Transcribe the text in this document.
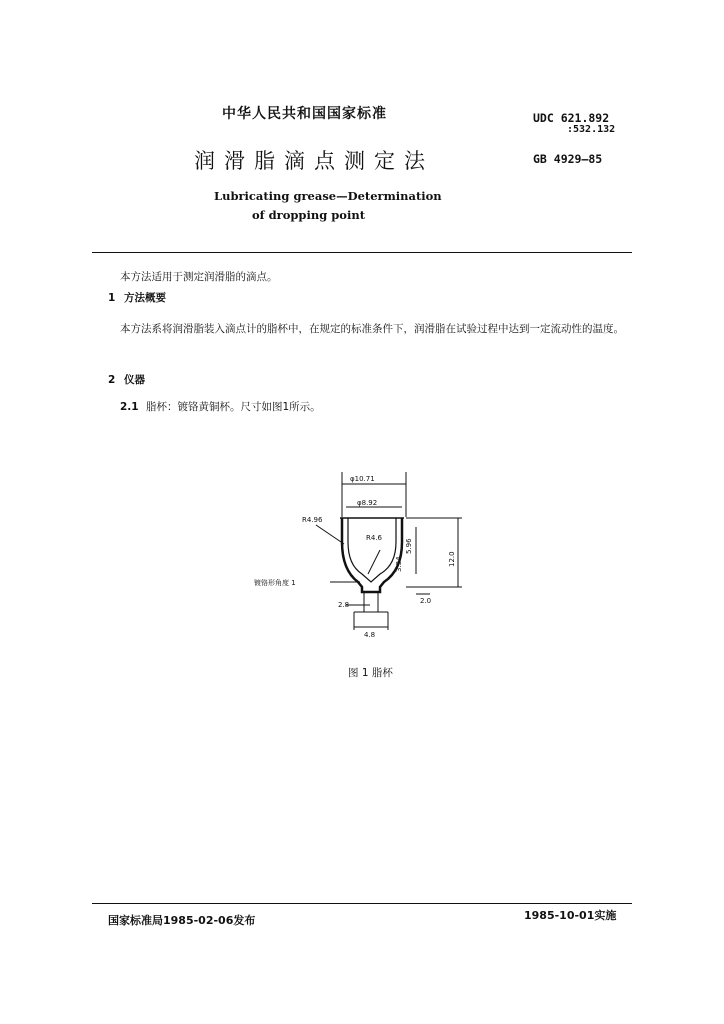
中华人民共和国国家标准
润滑脂滴点测定法
Lubricating grease—Determination
of dropping point
UDC 621.892
:532.132
GB 4929—85
本方法适用于测定润滑脂的滴点。
1 方法概要
本方法系将润滑脂装入滴点计的脂杯中，在规定的标准条件下，润滑脂在试验过程中达到一定流动性的温度。
2 仪器
2.1 脂杯：镀铬黄铜杯。尺寸如图1所示。
φ10.71
φ8.92
R4.96
R4.6
12.0
5.96
3.34
2.0
2.8
4.8
镀铬形角度 1
图 1 脂杯
国家标准局1985-02-06发布	1985-10-01实施
